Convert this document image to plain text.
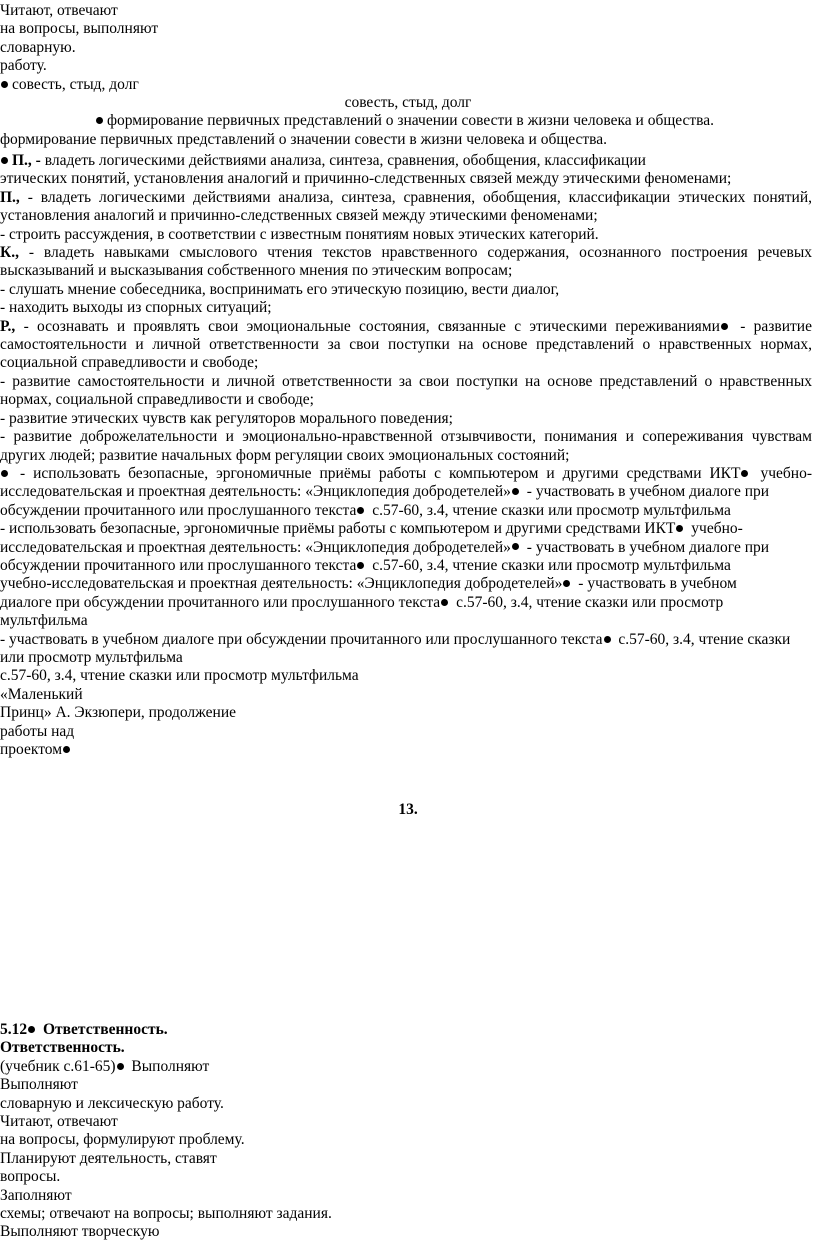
Читают, отвечают
на вопросы, выполняют
словарную.
работу.
совесть, стыд, долг
совесть, стыд, долг
формирование первичных представлений о значении совести в жизни человека и общества.
формирование первичных представлений о значении совести в жизни человека и общества.
П., - владеть логическими действиями анализа, синтеза, сравнения, обобщения, классификации
этических понятий, установления аналогий и причинно-следственных связей между этическими феноменами;
П., - владеть логическими действиями анализа, синтеза, сравнения, обобщения, классификации этических понятий,
установления аналогий и причинно-следственных связей между этическими феноменами;
- строить рассуждения, в соответствии с известным понятиям новых этических категорий.
К., - владеть навыками смыслового чтения текстов нравственного содержания, осознанного построения речевых
высказываний и высказывания собственного мнения по этическим вопросам;
- слушать мнение собеседника, воспринимать его этическую позицию, вести диалог,
- находить выходы из спорных ситуаций;
Р., - осознавать и проявлять свои эмоциональные состояния, связанные с этическими переживаниями - развитие
самостоятельности и личной ответственности за свои поступки на основе представлений о нравственных нормах,
социальной справедливости и свободе;
- развитие самостоятельности и личной ответственности за свои поступки на основе представлений о нравственных
нормах, социальной справедливости и свободе;
- развитие этических чувств как регуляторов морального поведения;
- развитие доброжелательности и эмоционально-нравственной отзывчивости, понимания и сопереживания чувствам
других людей; развитие начальных форм регуляции своих эмоциональных состояний;
- использовать безопасные, эргономичные приёмы работы с компьютером и другими средствами ИКТ учебно-
исследовательская и проектная деятельность: «Энциклопедия добродетелей» - участвовать в учебном диалоге при
обсуждении прочитанного или прослушанного текста с.57-60, з.4, чтение сказки или просмотр мультфильма
- использовать безопасные, эргономичные приёмы работы с компьютером и другими средствами ИКТ учебно-
исследовательская и проектная деятельность: «Энциклопедия добродетелей» - участвовать в учебном диалоге при
обсуждении прочитанного или прослушанного текста с.57-60, з.4, чтение сказки или просмотр мультфильма
учебно-исследовательская и проектная деятельность: «Энциклопедия добродетелей» - участвовать в учебном
диалоге при обсуждении прочитанного или прослушанного текста с.57-60, з.4, чтение сказки или просмотр
мультфильма
- участвовать в учебном диалоге при обсуждении прочитанного или прослушанного текста с.57-60, з.4, чтение сказки
или просмотр мультфильма
с.57-60, з.4, чтение сказки или просмотр мультфильма
«Маленький
Принц» А. Экзюпери, продолжение
работы над
проектом
13.
5.12 Ответственность.
Ответственность.
(учебник с.61-65) Выполняют
Выполняют
словарную и лексическую работу.
Читают, отвечают
на вопросы, формулируют проблему.
Планируют деятельность, ставят
вопросы.
Заполняют
схемы; отвечают на вопросы; выполняют задания.
Выполняют творческую
